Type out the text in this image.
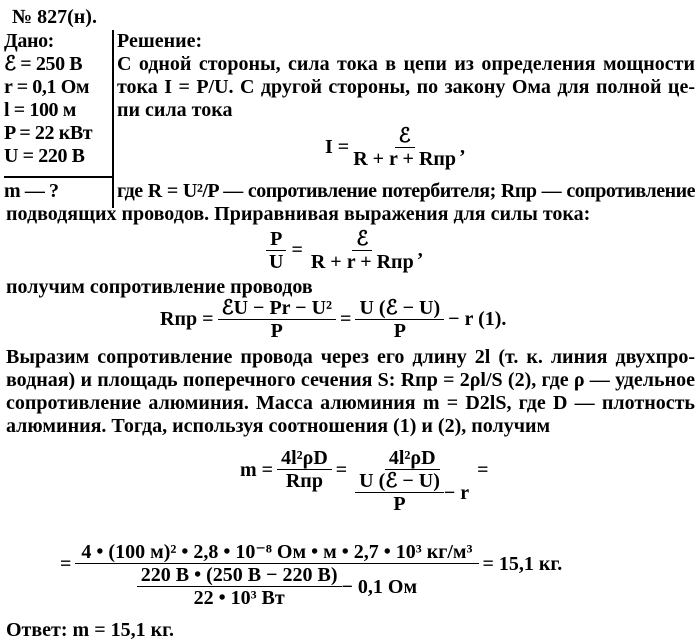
№ 827(н).
Дано:
ℰ = 250 В
r = 0,1 Ом
l = 100 м
P = 22 кВт
U = 220 В
m — ?
Решение:
С одной стороны, сила тока в цепи из определения мощности
тока I = P/U. С другой стороны, по закону Ома для полной це-
пи сила тока
$I = \frac{\text{ℰ}}{\text{R + r + Rпр}}$ ,
где R = U²/P — сопротивление потербителя; Rпр — сопротивление
подводящих проводов. Приравнивая выражения для силы тока:
$\frac{P}{U} = \frac{\text{ℰ}}{\text{R + r + Rпр}}$ ,
получим сопротивление проводов
Rпр = $\frac{\text{ℰU − Pr − U²}}{P} = \frac{\text{U (ℰ − U)}}{P} - r$ (1).
Выразим сопротивление провода через его длину 2l (т. к. линия двухпро-
водная) и площадь поперечного сечения S: Rпр = 2ρl/S (2), где ρ — удельное
сопротивление алюминия. Масса алюминия m = D2lS, где D — плотность
алюминия. Тогда, используя соотношения (1) и (2), получим
$m = \frac{\text{4l²ρD}}{\text{Rпр}} = \frac{\text{4l²ρD}}{\frac{\text{U (ℰ − U)}}{P} - r}$ =
= $\frac{\text{4 • (100 м)² • 2,8 • 10⁻⁸ Ом • м • 2,7 • 10³ кг/м³}}{\frac{220 В • (250 В - 220 В)}{\text{22 • 10³ Вт}} - 0,1 Ом} = 15,1$ кг.
Ответ: m = 15,1 кг.
